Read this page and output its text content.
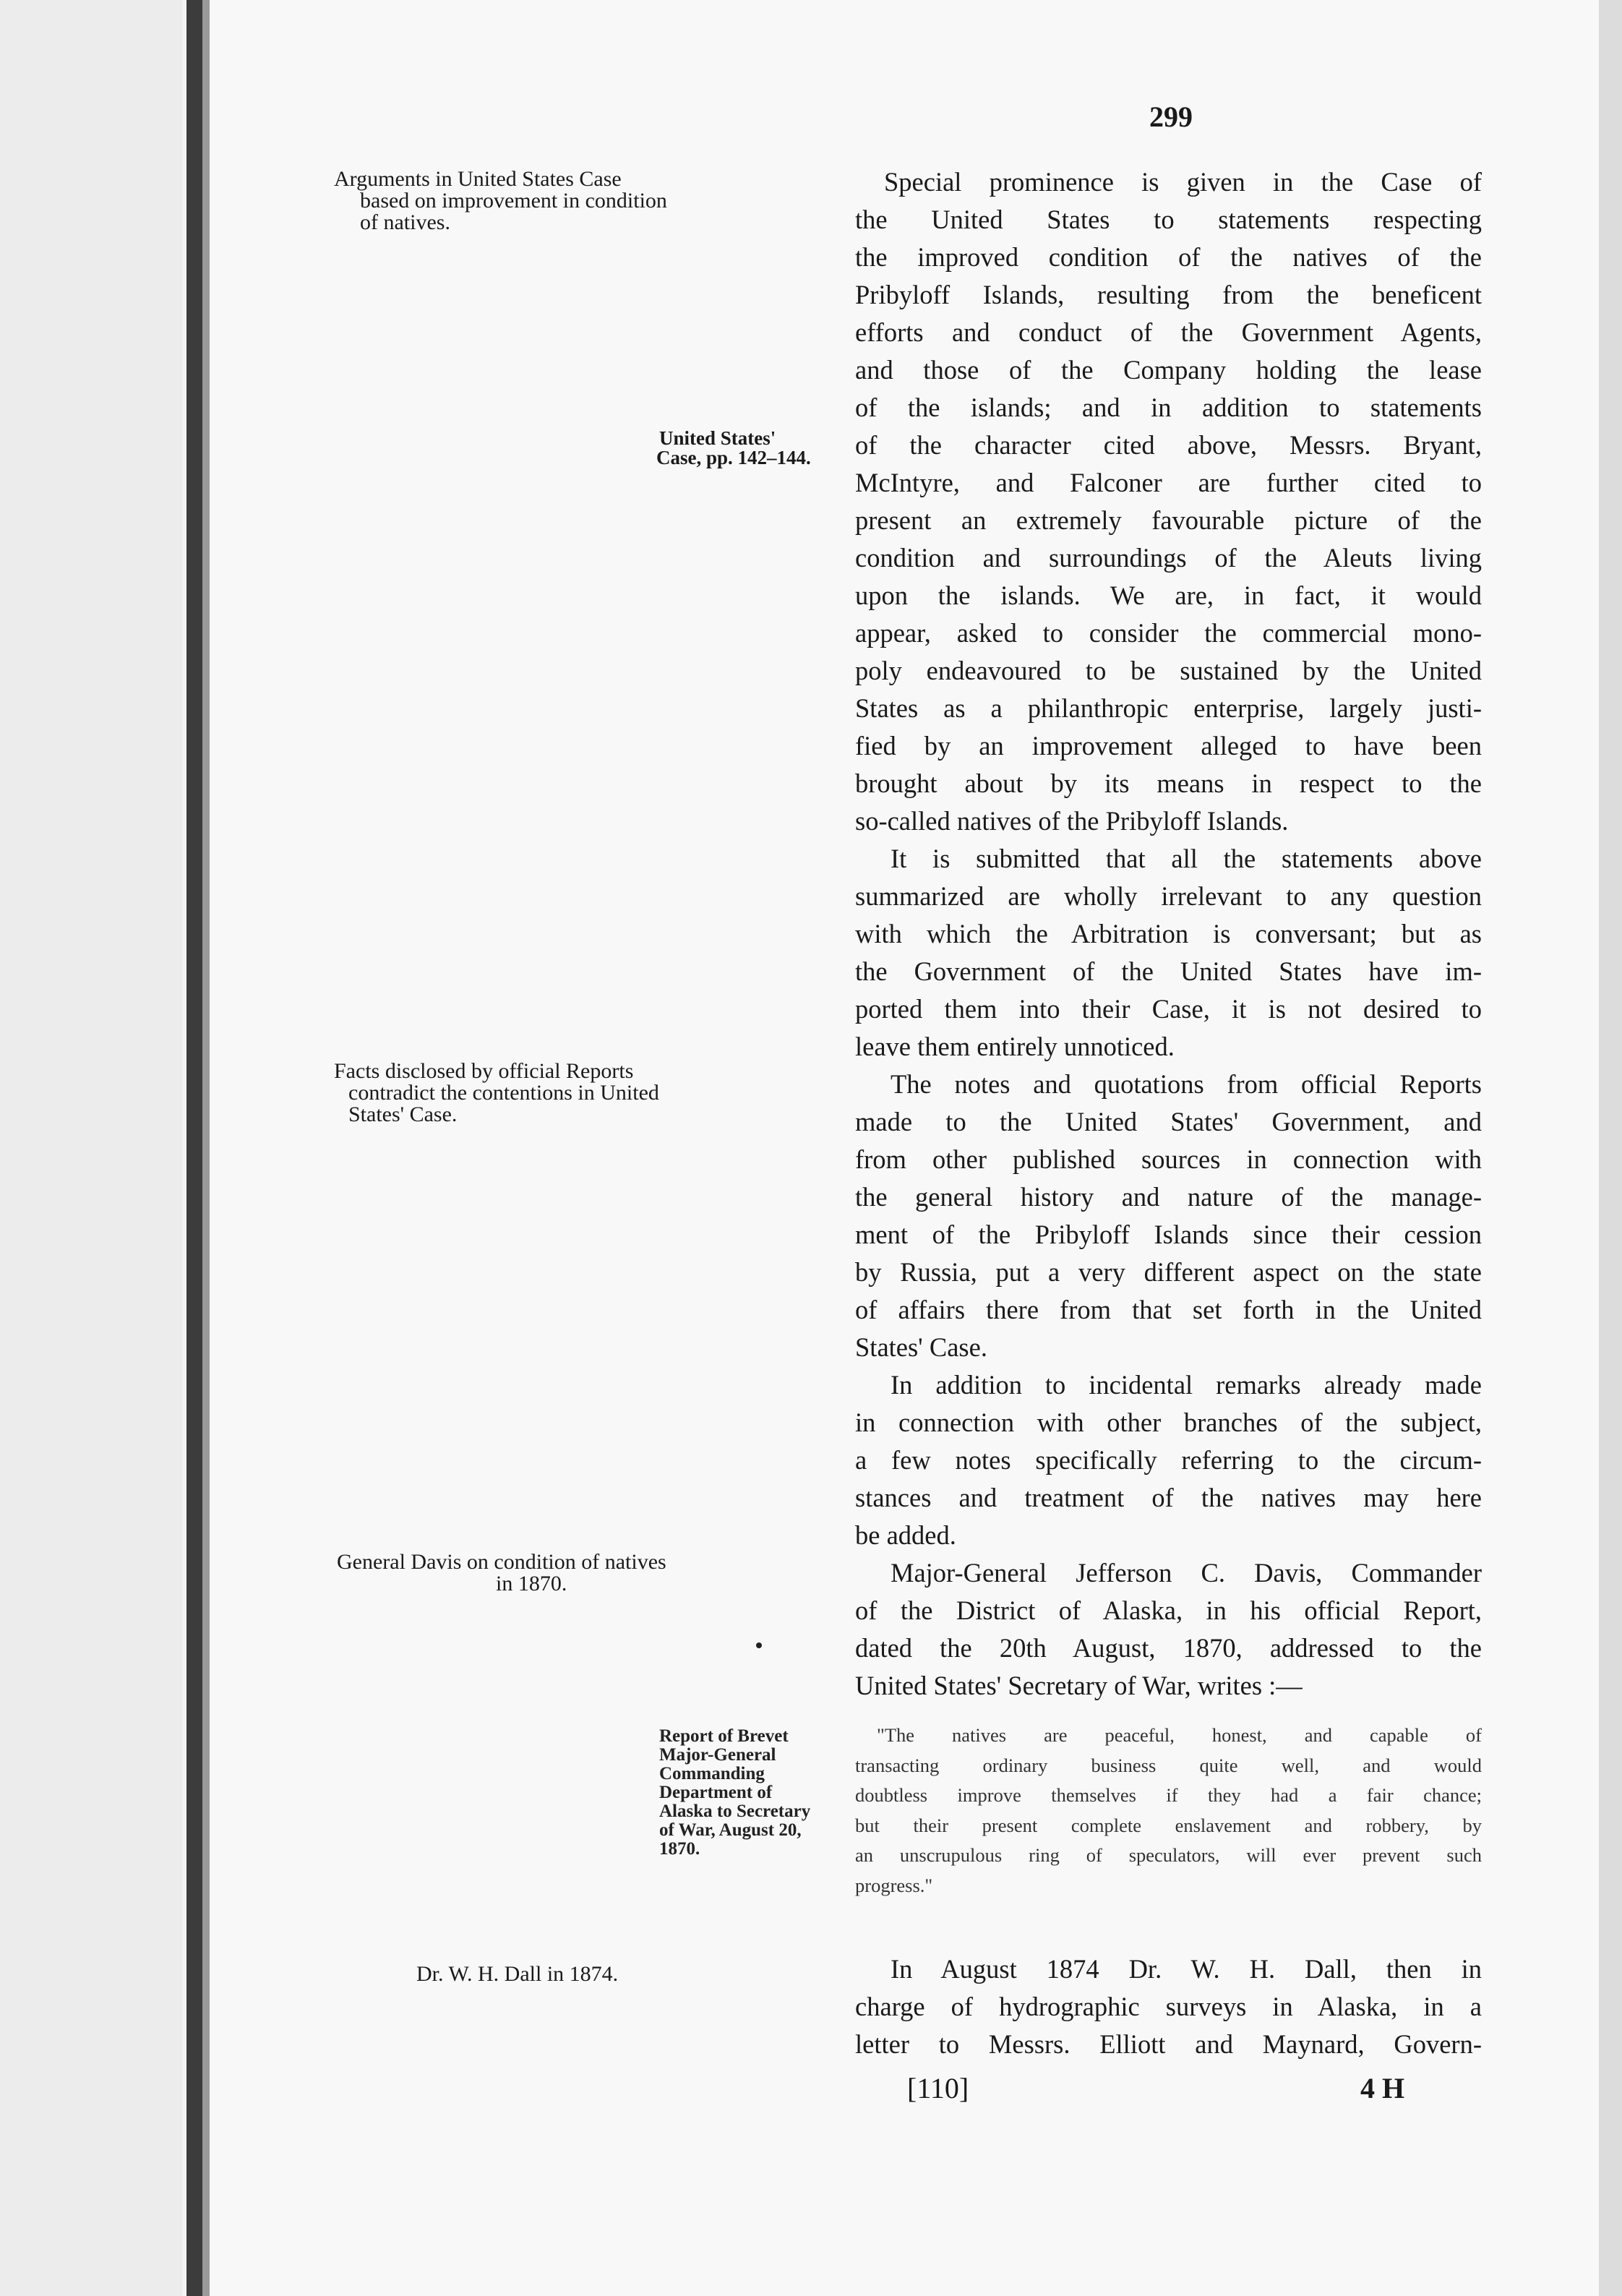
299
Arguments in United States Case
based on improvement in condition
of natives.
United States'
Case, pp. 142–144.
Facts disclosed by official Reports
contradict the contentions in United
States' Case.
General Davis on condition of natives
in 1870.
Report of Brevet
Major-General
Commanding
Department of
Alaska to Secretary
of War, August 20,
1870.
Dr. W. H. Dall in 1874.
Special prominence is given in the Case of
the United States to statements respecting
the improved condition of the natives of the
Pribyloff Islands, resulting from the beneficent
efforts and conduct of the Government Agents,
and those of the Company holding the lease
of the islands; and in addition to statements
of the character cited above, Messrs. Bryant,
McIntyre, and Falconer are further cited to
present an extremely favourable picture of the
condition and surroundings of the Aleuts living
upon the islands. We are, in fact, it would
appear, asked to consider the commercial mono-
poly endeavoured to be sustained by the United
States as a philanthropic enterprise, largely justi-
fied by an improvement alleged to have been
brought about by its means in respect to the
so-called natives of the Pribyloff Islands.
It is submitted that all the statements above
summarized are wholly irrelevant to any question
with which the Arbitration is conversant; but as
the Government of the United States have im-
ported them into their Case, it is not desired to
leave them entirely unnoticed.
The notes and quotations from official Reports
made to the United States' Government, and
from other published sources in connection with
the general history and nature of the manage-
ment of the Pribyloff Islands since their cession
by Russia, put a very different aspect on the state
of affairs there from that set forth in the United
States' Case.
In addition to incidental remarks already made
in connection with other branches of the subject,
a few notes specifically referring to the circum-
stances and treatment of the natives may here
be added.
Major-General Jefferson C. Davis, Commander
of the District of Alaska, in his official Report,
dated the 20th August, 1870, addressed to the
United States' Secretary of War, writes :—
"The natives are peaceful, honest, and capable of
transacting ordinary business quite well, and would
doubtless improve themselves if they had a fair chance;
but their present complete enslavement and robbery, by
an unscrupulous ring of speculators, will ever prevent such
progress."
In August 1874 Dr. W. H. Dall, then in
charge of hydrographic surveys in Alaska, in a
letter to Messrs. Elliott and Maynard, Govern-
[110]	4 H
